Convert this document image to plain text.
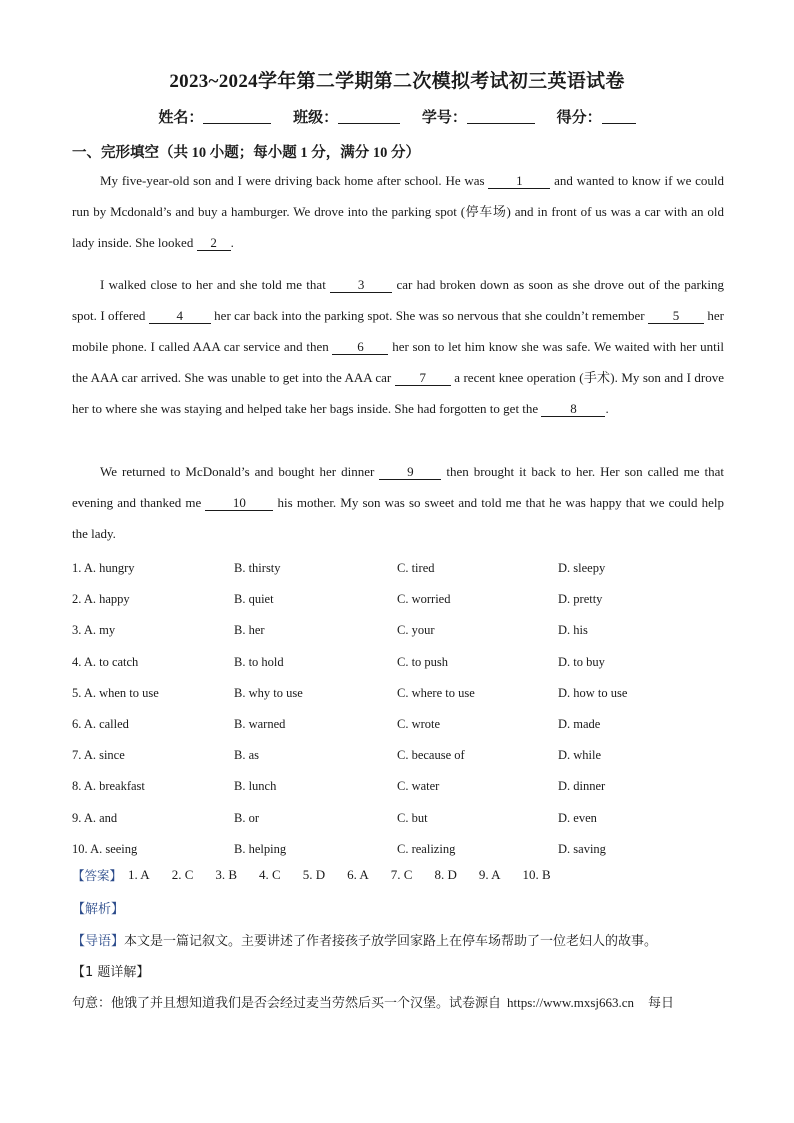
2023~2024学年第二学期第二次模拟考试初三英语试卷
姓名：	班级：	学号：	得分：
一、完形填空（共 10 小题；每小题 1 分，满分 10 分）
My five-year-old son and I were driving back home after school. He was 1 and wanted to know if we could run by Mcdonald’s and buy a hamburger. We drove into the parking spot (停车场) and in front of us was a car with an old lady inside. She looked 2 .
I walked close to her and she told me that 3 car had broken down as soon as she drove out of the parking spot. I offered 4 her car back into the parking spot. She was so nervous that she couldn’t remember 5 her mobile phone. I called AAA car service and then 6 her son to let him know she was safe. We waited with her until the AAA car arrived. She was unable to get into the AAA car 7 a recent knee operation (手术). My son and I drove her to where she was staying and helped take her bags inside. She had forgotten to get the 8 .
We returned to McDonald’s and bought her dinner	9	then brought it back to her. Her son called me that evening and thanked me 10 his mother. My son was so sweet and told me that he was happy that we could help the lady.
1. A. hungry	B. thirsty	C. tired	D. sleepy
2. A. happy	B. quiet	C. worried	D. pretty
3. A. my	B. her	C. your	D. his
4. A. to catch	B. to hold	C. to push	D. to buy
5. A. when to use	B. why to use	C. where to use	D. how to use
6. A. called	B. warned	C. wrote	D. made
7. A. since	B. as	C. because of	D. while
8. A. breakfast	B. lunch	C. water	D. dinner
9. A. and	B. or	C. but	D. even
10. A. seeing	B. helping	C. realizing	D. saving
【答案】 1. A 2. C 3. B 4. C 5. D 6. A 7. C 8. D 9. A 10. B
【解析】
【导语】本文是一篇记叙文。主要讲述了作者接孩子放学回家路上在停车场帮助了一位老妇人的故事。
【1 题详解】
句意：他饿了并且想知道我们是否会经过麦当劳然后买一个汉堡。试卷源自 https://www.mxsj663.cn 每日
